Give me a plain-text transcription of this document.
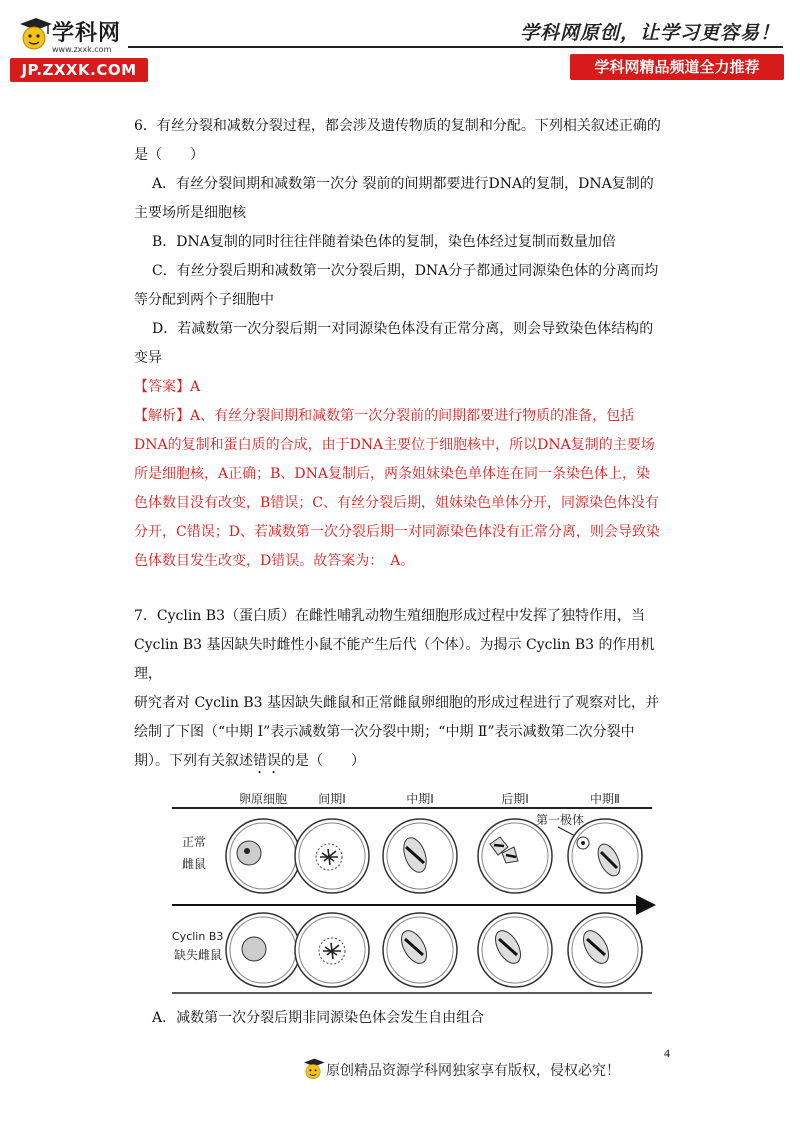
学科网
www.zxxk.com
JP.ZXXK.COM
学科网原创，让学习更容易！
学科网精品频道全力推荐

6．有丝分裂和减数分裂过程，都会涉及遗传物质的复制和分配。下列相关叙述正确的

是（　　）

A．有丝分裂间期和减数第一次分 裂前的间期都要进行DNA的复制，DNA复制的

主要场所是细胞核

B．DNA复制的同时往往伴随着染色体的复制，染色体经过复制而数量加倍

C．有丝分裂后期和减数第一次分裂后期，DNA分子都通过同源染色体的分离而均

等分配到两个子细胞中

D．若减数第一次分裂后期一对同源染色体没有正常分离，则会导致染色体结构的

变异

【答案】A

【解析】A、有丝分裂间期和减数第一次分裂前的间期都要进行物质的准备，包括

DNA的复制和蛋白质的合成，由于DNA主要位于细胞核中，所以DNA复制的主要场

所是细胞核，A正确；B、DNA复制后，两条姐妹染色单体连在同一条染色体上，染

色体数目没有改变，B错误；C、有丝分裂后期，姐妹染色单体分开，同源染色体没有

分开，C错误；D、若减数第一次分裂后期一对同源染色体没有正常分离，则会导致染

色体数目发生改变，D错误。故答案为：　A。

7．Cyclin B3（蛋白质）在雌性哺乳动物生殖细胞形成过程中发挥了独特作用，当

Cyclin B3 基因缺失时雌性小鼠不能产生后代（个体）。为揭示 Cyclin B3 的作用机理，

研究者对 Cyclin B3 基因缺失雌鼠和正常雌鼠卵细胞的形成过程进行了观察对比，并

绘制了下图（“中期 Ⅰ”表示减数第一次分裂中期；“中期 Ⅱ”表示减数第二次分裂中

期）。下列有关叙述错误的是（　　）

卵原细胞	间期Ⅰ	中期Ⅰ	后期Ⅰ	中期Ⅱ
正常
雌鼠
Cyclin B3
缺失雌鼠
第一极体

A．减数第一次分裂后期非同源染色体会发生自由组合

4
原创精品资源学科网独家享有版权，侵权必究！
